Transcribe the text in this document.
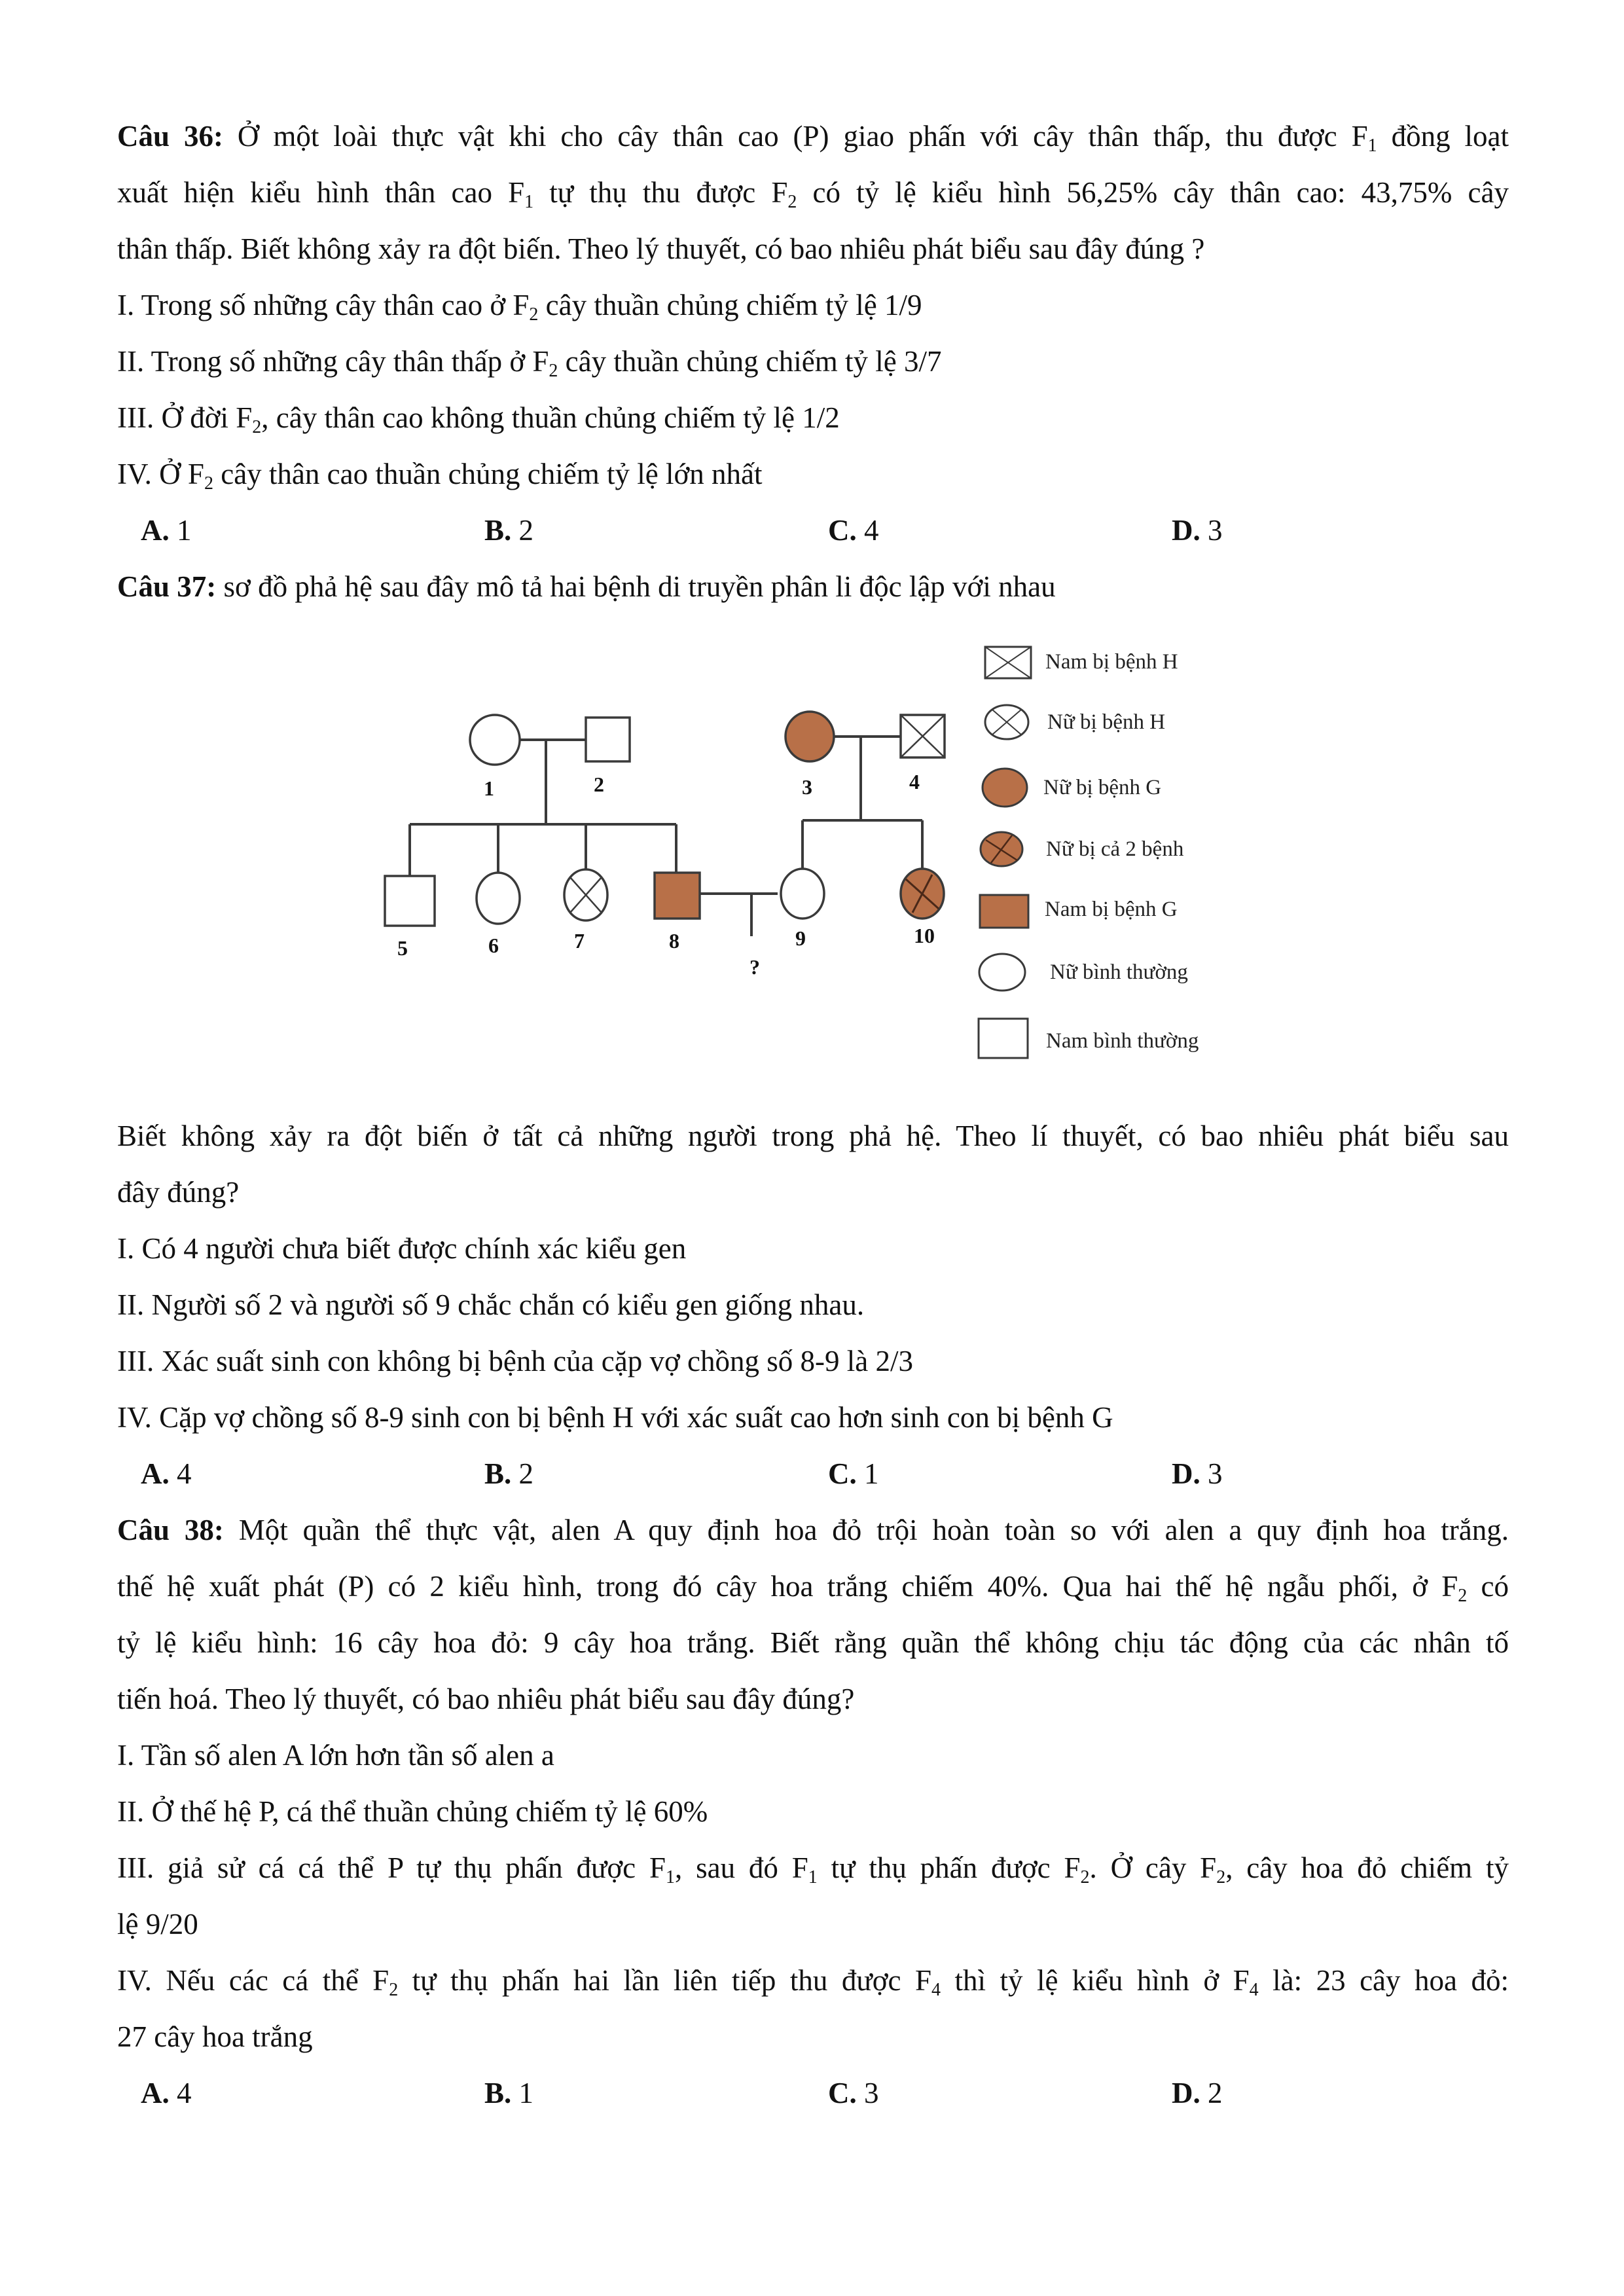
Câu 36: Ở một loài thực vật khi cho cây thân cao (P) giao phấn với cây thân thấp, thu được $F_1$ đồng loạt
xuất hiện kiểu hình thân cao $F_1$ tự thụ thu được $F_2$ có tỷ lệ kiểu hình 56,25% cây thân cao: 43,75% cây
thân thấp. Biết không xảy ra đột biến. Theo lý thuyết, có bao nhiêu phát biểu sau đây đúng ?
I. Trong số những cây thân cao ở $F_2$ cây thuần chủng chiếm tỷ lệ 1/9
II. Trong số những cây thân thấp ở $F_2$ cây thuần chủng chiếm tỷ lệ 3/7
III. Ở đời $F_2$, cây thân cao không thuần chủng chiếm tỷ lệ 1/2
IV. Ở $F_2$ cây thân cao thuần chủng chiếm tỷ lệ lớn nhất
A. 1	B. 2	C. 4	D. 3
Câu 37: sơ đồ phả hệ sau đây mô tả hai bệnh di truyền phân li độc lập với nhau
1	2	3	4
5	6	7	8	9	10
?
Nam bị bệnh H
Nữ bị bệnh H
Nữ bị bệnh G
Nữ bị cả 2 bệnh
Nam bị bệnh G
Nữ bình thường
Nam bình thường
Biết không xảy ra đột biến ở tất cả những người trong phả hệ. Theo lí thuyết, có bao nhiêu phát biểu sau
đây đúng?
I. Có 4 người chưa biết được chính xác kiểu gen
II. Người số 2 và người số 9 chắc chắn có kiểu gen giống nhau.
III. Xác suất sinh con không bị bệnh của cặp vợ chồng số 8-9 là 2/3
IV. Cặp vợ chồng số 8-9 sinh con bị bệnh H với xác suất cao hơn sinh con bị bệnh G
A. 4	B. 2	C. 1	D. 3
Câu 38: Một quần thể thực vật, alen A quy định hoa đỏ trội hoàn toàn so với alen a quy định hoa trắng.
thế hệ xuất phát (P) có 2 kiểu hình, trong đó cây hoa trắng chiếm 40%. Qua hai thế hệ ngẫu phối, ở $F_2$ có
tỷ lệ kiểu hình: 16 cây hoa đỏ: 9 cây hoa trắng. Biết rằng quần thể không chịu tác động của các nhân tố
tiến hoá. Theo lý thuyết, có bao nhiêu phát biểu sau đây đúng?
I. Tần số alen A lớn hơn tần số alen a
II. Ở thế hệ P, cá thể thuần chủng chiếm tỷ lệ 60%
III. giả sử cá cá thể P tự thụ phấn được $F_1$, sau đó $F_1$ tự thụ phấn được $F_2$. Ở cây $F_2$, cây hoa đỏ chiếm tỷ
lệ 9/20
IV. Nếu các cá thể $F_2$ tự thụ phấn hai lần liên tiếp thu được $F_4$ thì tỷ lệ kiểu hình ở $F_4$ là: 23 cây hoa đỏ:
27 cây hoa trắng
A. 4	B. 1	C. 3	D. 2
